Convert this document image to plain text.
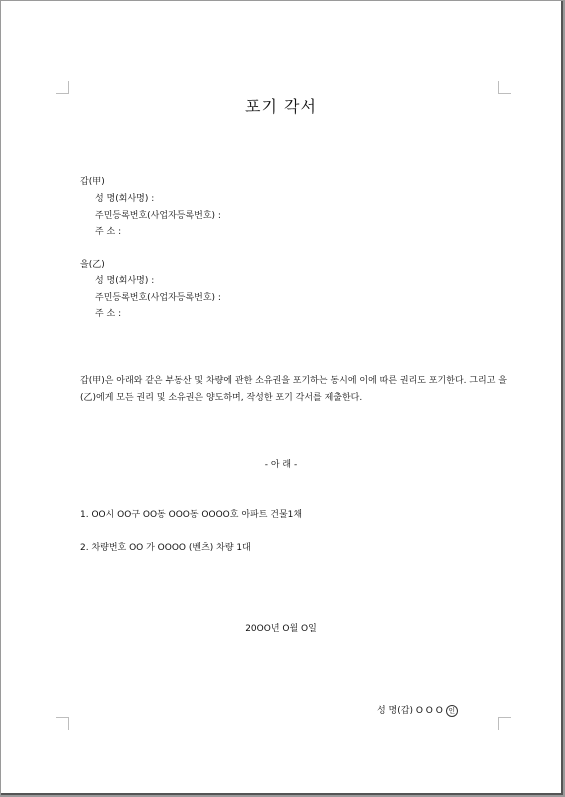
포기 각서
갑(甲)
성 명(회사명) :
주민등록번호(사업자등록번호) :
주 소 :
을(乙)
성 명(회사명) :
주민등록번호(사업자등록번호) :
주 소 :
갑(甲)은 아래와 같은 부동산 및 차량에 관한 소유권을 포기하는 동시에 이에 따른 권리도 포기한다. 그리고 을(乙)에게 모든 권리 및 소유권은 양도하며, 작성한 포기 각서를 제출한다.
- 아 래 -
1. OO시 OO구 OO동 OOO동 OOOO호 아파트 건물1채
2. 차량번호 OO 가 OOOO (벤츠) 차량 1대
20OO년 O월 O일
성 명(갑) O O O 인
